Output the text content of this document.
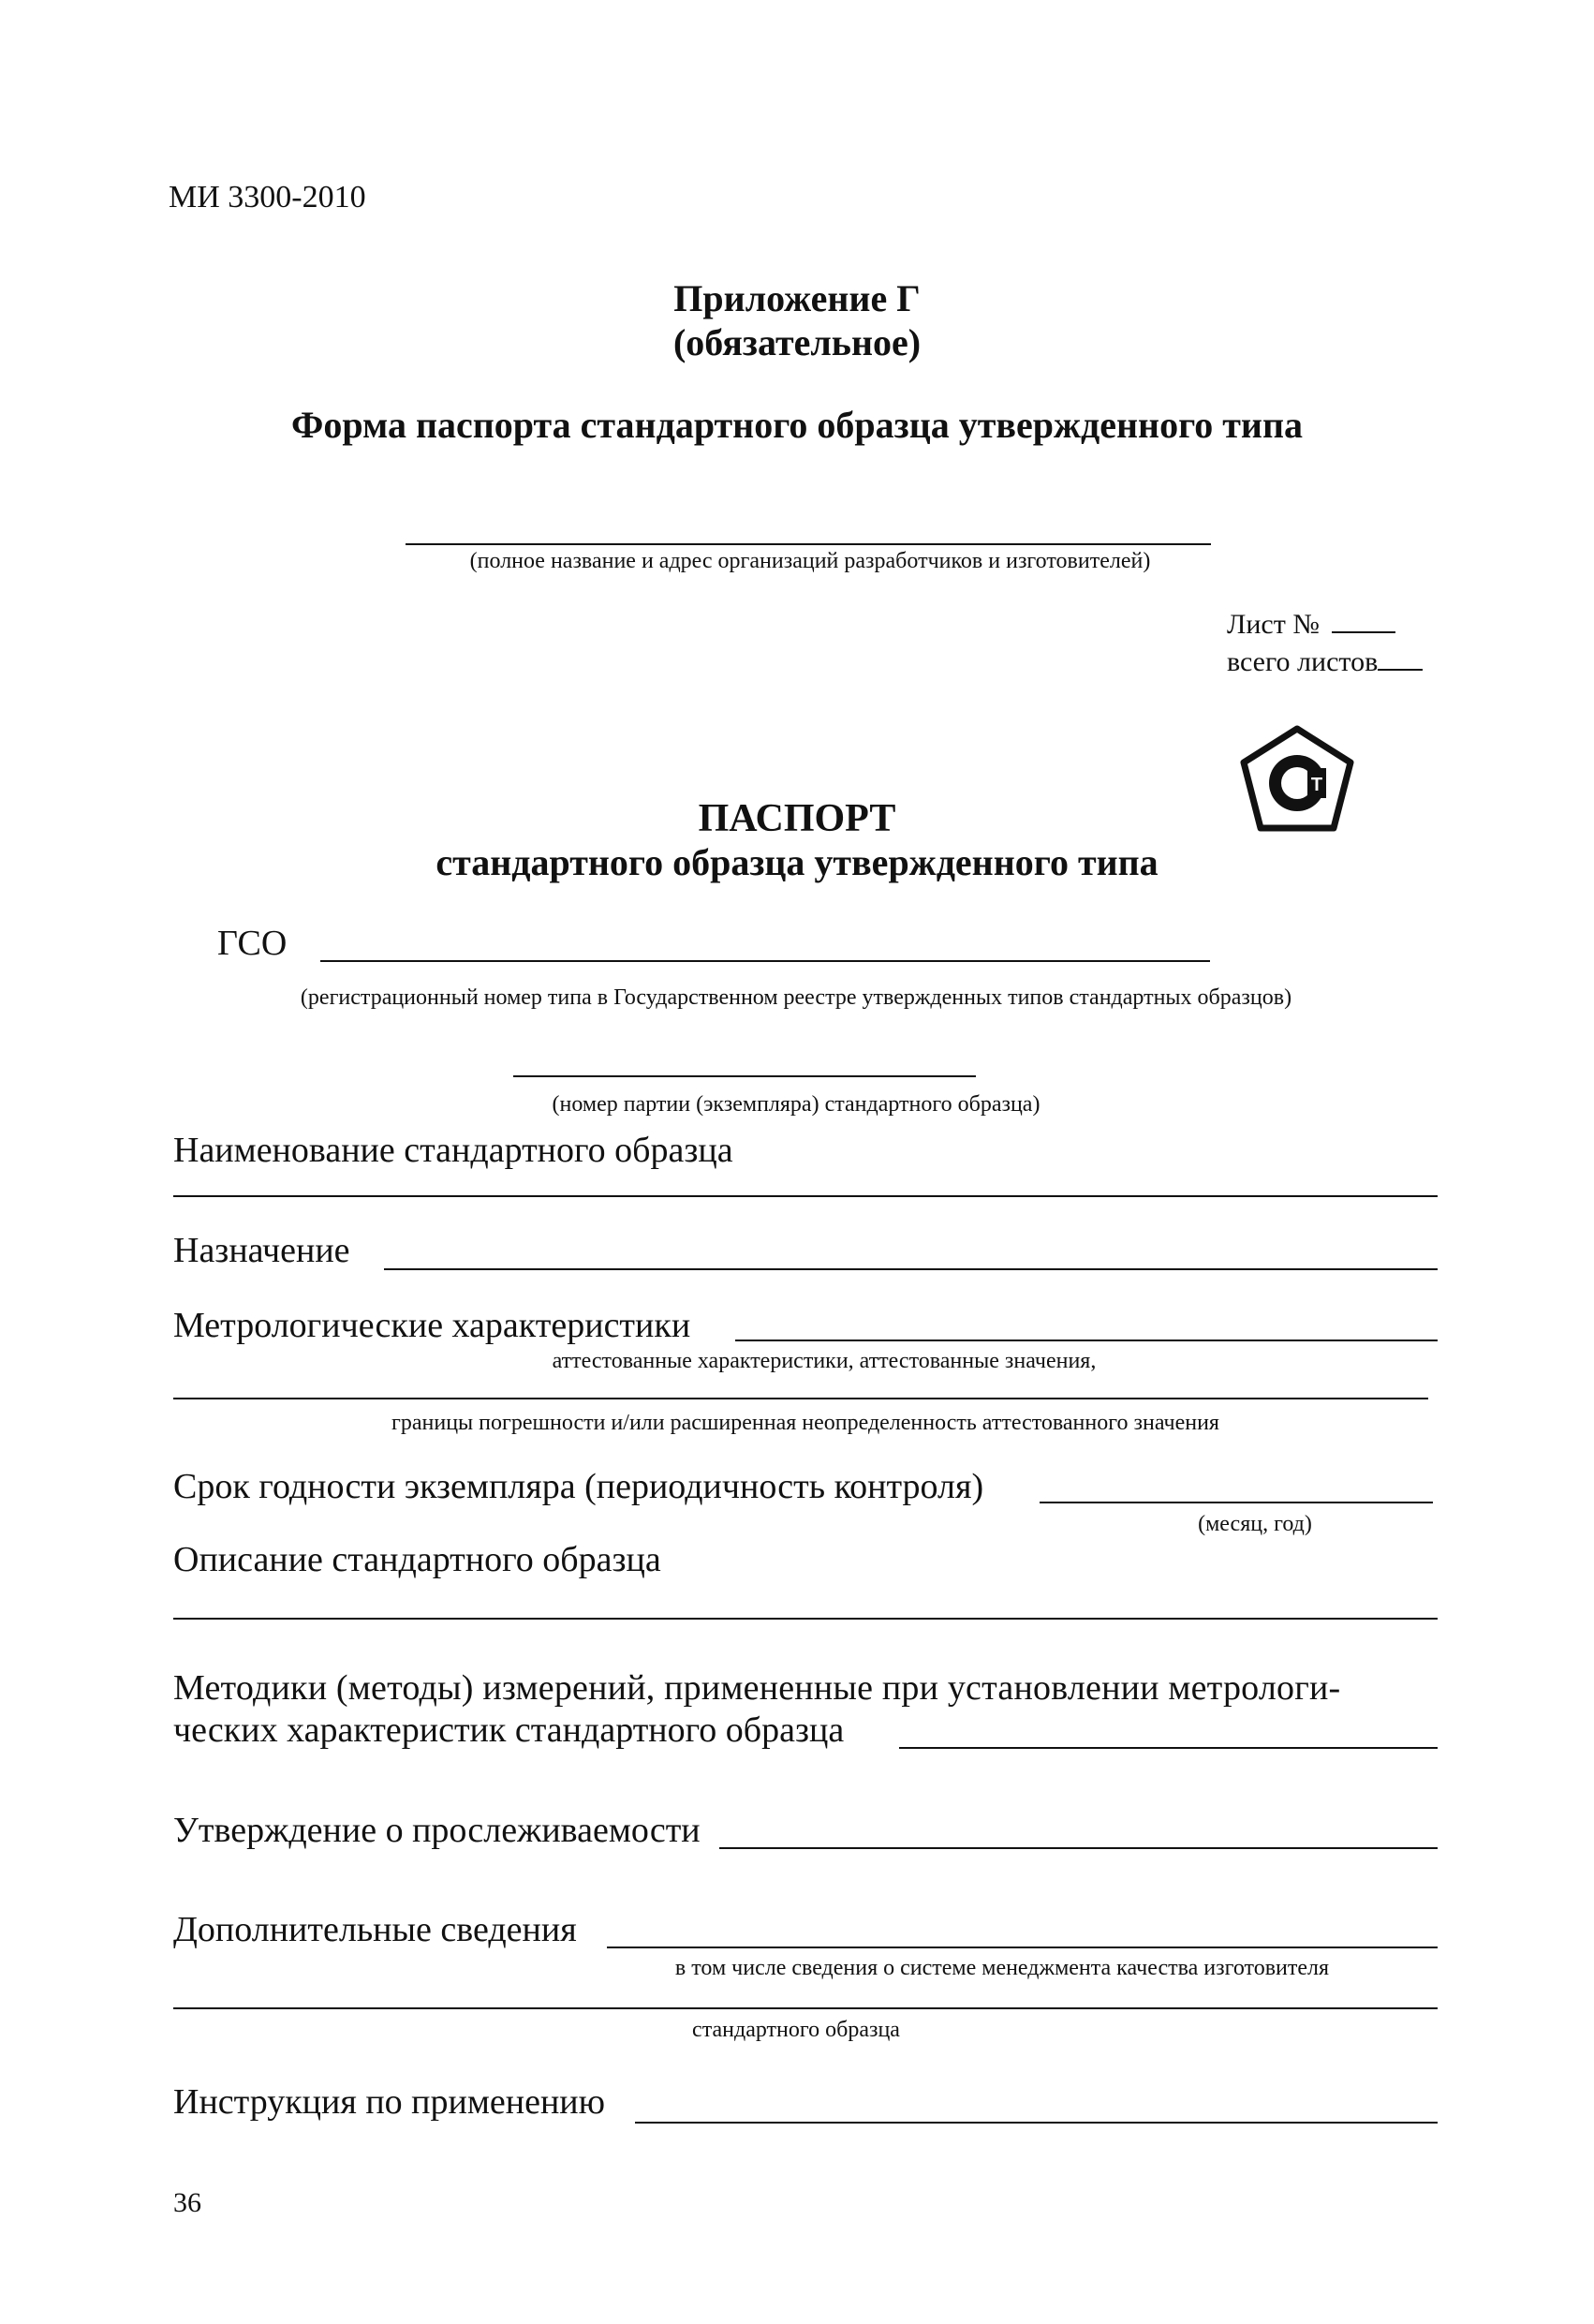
МИ 3300-2010
Приложение Г
(обязательное)
Форма паспорта стандартного образца утвержденного типа
(полное название и адрес организаций разработчиков и изготовителей)
Лист №
всего листов
Т
ПАСПОРТ
стандартного образца утвержденного типа
ГСО
(регистрационный номер типа в Государственном реестре утвержденных типов стандартных образцов)
(номер партии (экземпляра) стандартного образца)
Наименование стандартного образца
Назначение
Метрологические характеристики
аттестованные характеристики, аттестованные значения,
границы погрешности и/или расширенная неопределенность аттестованного значения
Срок годности экземпляра (периодичность контроля)
(месяц, год)
Описание стандартного образца
Методики (методы) измерений, примененные при установлении метрологи-
ческих характеристик стандартного образца
Утверждение о прослеживаемости
Дополнительные сведения
в том числе сведения о системе менеджмента качества изготовителя
стандартного образца
Инструкция по применению
36
